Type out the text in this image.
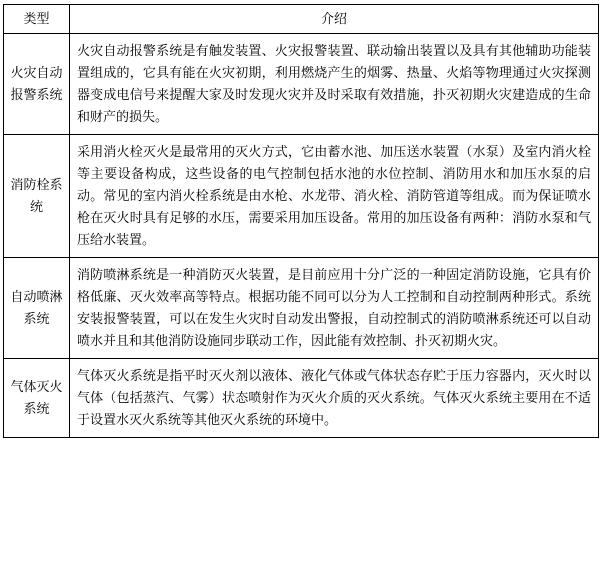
类型	介绍
火灾自动报警系统	火灾自动报警系统是有触发装置、火灾报警装置、联动输出装置以及具有其他辅助功能装置组成的，它具有能在火灾初期，利用燃烧产生的烟雾、热量、火焰等物理通过火灾探测器变成电信号来提醒大家及时发现火灾并及时采取有效措施，扑灭初期火灾建造成的生命和财产的损失。
消防栓系统	采用消火栓灭火是最常用的灭火方式，它由蓄水池、加压送水装置（水泵）及室内消火栓等主要设备构成，这些设备的电气控制包括水池的水位控制、消防用水和加压水泵的启动。常见的室内消火栓系统是由水枪、水龙带、消火栓、消防管道等组成。而为保证喷水枪在灭火时具有足够的水压，需要采用加压设备。常用的加压设备有两种：消防水泵和气压给水装置。
自动喷淋系统	消防喷淋系统是一种消防灭火装置，是目前应用十分广泛的一种固定消防设施，它具有价格低廉、灭火效率高等特点。根据功能不同可以分为人工控制和自动控制两种形式。系统安装报警装置，可以在发生火灾时自动发出警报，自动控制式的消防喷淋系统还可以自动喷水并且和其他消防设施同步联动工作，因此能有效控制、扑灭初期火灾。
气体灭火系统	气体灭火系统是指平时灭火剂以液体、液化气体或气体状态存贮于压力容器内，灭火时以气体（包括蒸汽、气雾）状态喷射作为灭火介质的灭火系统。气体灭火系统主要用在不适于设置水灭火系统等其他灭火系统的环境中。
